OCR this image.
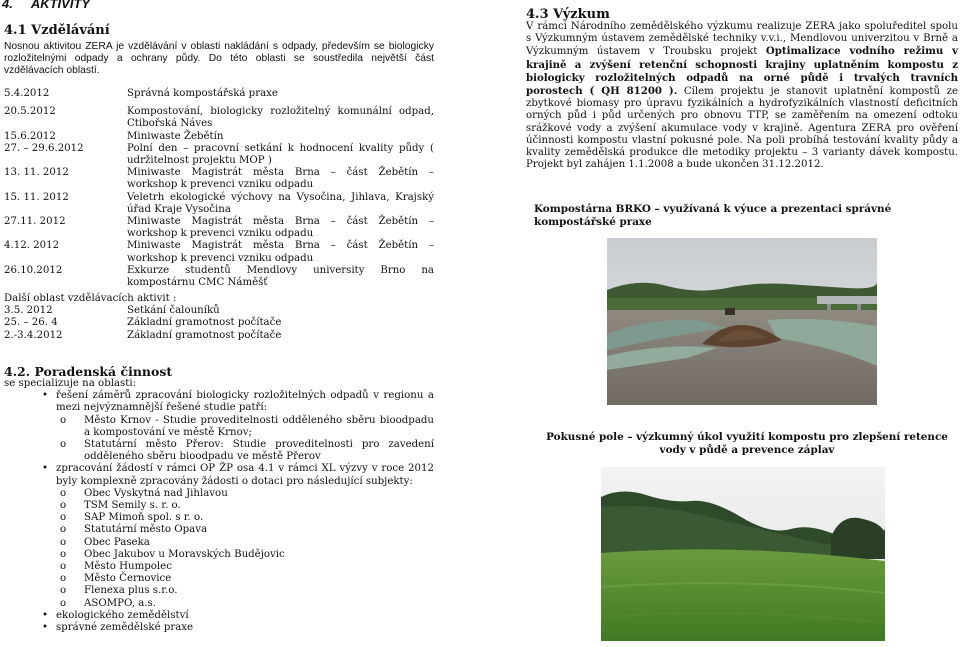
4. AKTIVITY
4.1 Vzdělávání
Nosnou aktivitou ZERA je vzdělávání v oblasti nakládání s odpady, především se biologicky rozložitelnými odpady a ochrany půdy. Do této oblasti se soustředila největší část vzdělávacích oblastí.
5.4.2012	Správná kompostářská praxe
20.5.2012	Kompostování, biologicky rozložitelný komunální odpad, Ctibořská Náves
15.6.2012	Miniwaste Žebětín
27. – 29.6.2012	Polní den – pracovní setkání k hodnocení kvality půdy ( udržitelnost projektu MOP )
13. 11. 2012	Miniwaste Magistrát města Brna – část Žebětín – workshop k prevenci vzniku odpadu
15. 11. 2012	Veletrh ekologické výchovy na Vysočina, Jihlava, Krajský úřad Kraje Vysočina
27.11. 2012	Miniwaste Magistrát města Brna – část Žebětín – workshop k prevenci vzniku odpadu
4.12. 2012	Miniwaste Magistrát města Brna – část Žebětín – workshop k prevenci vzniku odpadu
26.10.2012	Exkurze studentů Mendlovy university Brno na kompostárnu CMC Náměšť
Další oblast vzdělávacích aktivit :
3.5. 2012	Setkání čalouníků
25. – 26. 4	Základní gramotnost počítače
2.-3.4.2012	Základní gramotnost počítače
4.2. Poradenská činnost
se specializuje na oblasti:
• řešení záměrů zpracování biologicky rozložitelných odpadů v regionu a mezi nejvýznamnější řešené studie patří:
o Město Krnov - Studie proveditelnosti odděleného sběru bioodpadu a kompostování ve městě Krnov;
o Statutární město Přerov: Studie proveditelnosti pro zavedení odděleného sběru bioodpadu ve městě Přerov
• zpracování žádostí v rámci OP ŽP osa 4.1 v rámci XL výzvy v roce 2012 byly komplexně zpracovány žádosti o dotaci pro následující subjekty:
o Obec Vyskytná nad Jihlavou
o TSM Semily s. r. o.
o SAP Mimoň spol. s r. o.
o Statutární město Opava
o Obec Paseka
o Obec Jakubov u Moravských Budějovic
o Město Humpolec
o Město Černovice
o Flenexa plus s.r.o.
o ASOMPO, a.s.
• ekologického zemědělství
• správné zemědělské praxe
4.3 Výzkum
V rámci Národního zemědělského výzkumu realizuje ZERA jako spoluředitel spolu s Výzkumným ústavem zemědělské techniky v.v.i., Mendlovou univerzitou v Brně a Výzkumným ústavem v Troubsku projekt Optimalizace vodního režimu v krajině a zvýšení retenční schopnosti krajiny uplatněním kompostu z biologicky rozložitelných odpadů na orné půdě i trvalých travních porostech ( QH 81200 ). Cílem projektu je stanovit uplatnění kompostů ze zbytkové biomasy pro úpravu fyzikálních a hydrofyzikálních vlastností deficitních orných půd i půd určených pro obnovu TTP, se zaměřením na omezení odtoku srážkové vody a zvýšení akumulace vody v krajině. Agentura ZERA pro ověření účinnosti kompostu vlastní pokusné pole. Na poli probíhá testování kvality půdy a kvality zemědělská produkce dle metodiky projektu – 3 varianty dávek kompostu. Projekt byl zahájen 1.1.2008 a bude ukončen 31.12.2012.
Kompostárna BRKO – využívaná k výuce a prezentaci správné kompostářské praxe
Pokusné pole – výzkumný úkol využití kompostu pro zlepšení retence vody v půdě a prevence záplav
